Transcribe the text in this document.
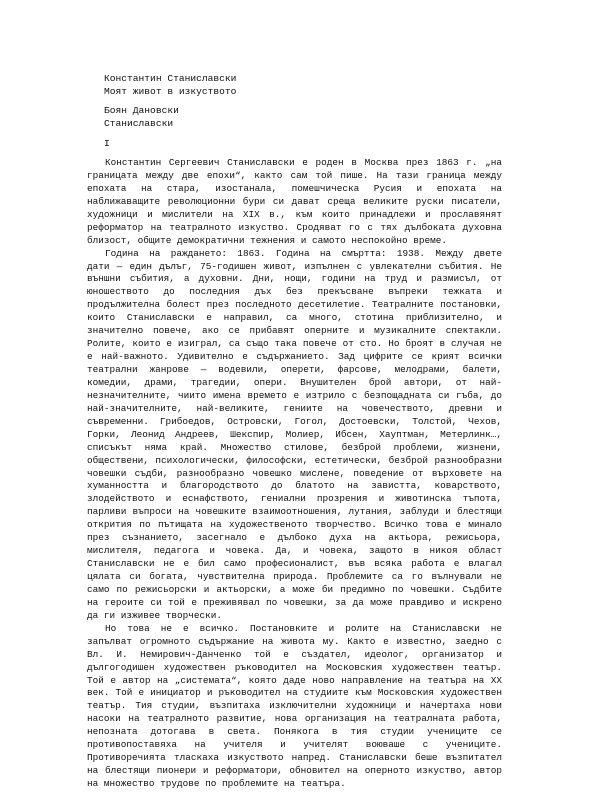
Константин Станиславски
Моят живот в изкуството
Боян Дановски
Станиславски
I
Константин Сергеевич Станиславски е роден в Москва през 1863 г. „на
границата между две епохи“, както сам той пише. На тази граница между
епохата на стара, изостанала, помешчическа Русия и епохата на
наближаващите революционни бури си дават среща великите руски писатели,
художници и мислители на XIX в., към които принадлежи и прославянят
реформатор на театралното изкуство. Сродяват го с тях дълбоката духовна
близост, общите демократични тежнения и самото неспокойно време.
Година на раждането: 1863. Година на смъртта: 1938. Между двете
дати — един дълъг, 75-годишен живот, изпълнен с увлекателни събития. Не
външни събития, а духовни. Дни, нощи, години на труд и размисъл, от
юношеството до последния дъх без прекъсване въпреки тежката и
продължителна болест през последното десетилетие. Театралните постановки,
които Станиславски е направил, са много, стотина приблизително, и
значително повече, ако се прибавят оперните и музикалните спектакли.
Ролите, които е изиграл, са също така повече от сто. Но броят в случая не
е най-важното. Удивително е съдържанието. Зад цифрите се крият всички
театрални жанрове — водевили, оперети, фарсове, мелодрами, балети,
комедии, драми, трагедии, опери. Внушителен брой автори, от най-
незначителните, чиито имена времето е изтрило с безпощадната си гъба, до
най-значителните, най-великите, гениите на човечеството, древни и
съвременни. Грибоедов, Островски, Гогол, Достоевски, Толстой, Чехов,
Горки, Леонид Андреев, Шекспир, Молиер, Ибсен, Хауптман, Метерлинк…,
списъкът няма край. Множество стилове, безброй проблеми, жизнени,
обществени, психологически, философски, естетически, безброй разнообразни
човешки съдби, разнообразно човешко мислене, поведение от върховете на
хуманността и благородството до блатото на завистта, коварството,
злодейството и еснафството, гениални прозрения и животинска тъпота,
парливи въпроси на човешките взаимоотношения, лутания, заблуди и блестящи
открития по пътищата на художественото творчество. Всичко това е минало
през съзнанието, засегнало е дълбоко духа на актьора, режисьора,
мислителя, педагога и човека. Да, и човека, защото в никоя област
Станиславски не е бил само професионалист, във всяка работа е влагал
цялата си богата, чувствителна природа. Проблемите са го вълнували не
само по режисьорски и актьорски, а може би предимно по човешки. Съдбите
на героите си той е преживявал по човешки, за да може правдиво и искрено
да ги изживее творчески.
Но това не е всичко. Постановките и ролите на Станиславски не
запълват огромното съдържание на живота му. Както е известно, заедно с
Вл. И. Немирович-Данченко той е създател, идеолог, организатор и
дългогодишен художествен ръководител на Московския художествен театър.
Той е автор на „системата“, която даде ново направление на театъра на XX
век. Той е инициатор и ръководител на студиите към Московския художествен
театър. Тия студии, възпитаха изключителни художници и начертаха нови
насоки на театралното развитие, нова организация на театралната работа,
непозната дотогава в света. Понякога в тия студии учениците се
противопоставяха на учителя и учителят воюваше с учениците.
Противоречията тласкаха изкуството напред. Станиславски беше възпитател
на блестящи пионери и реформатори, обновител на оперното изкуство, автор
на множество трудове по проблемите на театъра.
